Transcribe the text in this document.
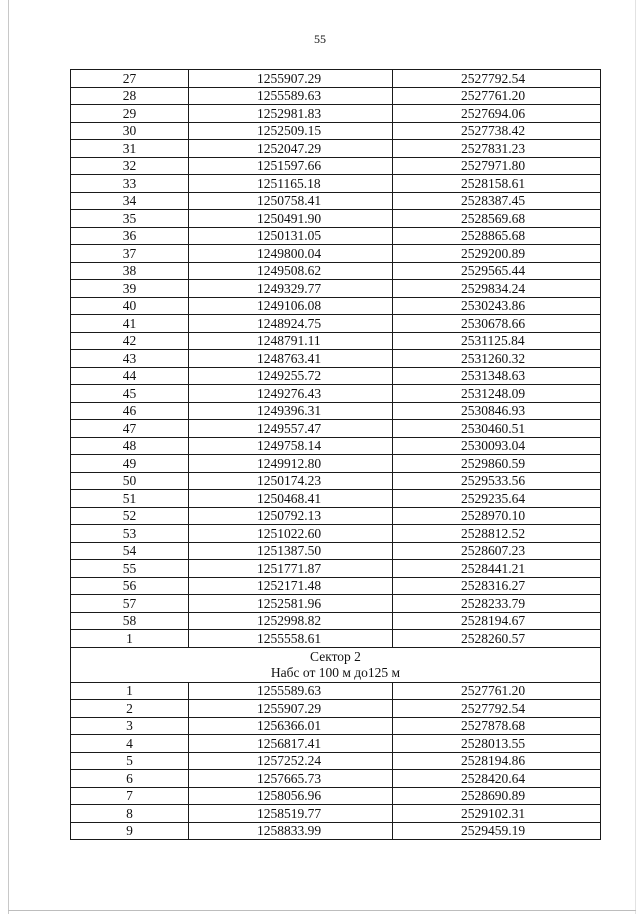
55
27	1255907.29	2527792.54
28	1255589.63	2527761.20
29	1252981.83	2527694.06
30	1252509.15	2527738.42
31	1252047.29	2527831.23
32	1251597.66	2527971.80
33	1251165.18	2528158.61
34	1250758.41	2528387.45
35	1250491.90	2528569.68
36	1250131.05	2528865.68
37	1249800.04	2529200.89
38	1249508.62	2529565.44
39	1249329.77	2529834.24
40	1249106.08	2530243.86
41	1248924.75	2530678.66
42	1248791.11	2531125.84
43	1248763.41	2531260.32
44	1249255.72	2531348.63
45	1249276.43	2531248.09
46	1249396.31	2530846.93
47	1249557.47	2530460.51
48	1249758.14	2530093.04
49	1249912.80	2529860.59
50	1250174.23	2529533.56
51	1250468.41	2529235.64
52	1250792.13	2528970.10
53	1251022.60	2528812.52
54	1251387.50	2528607.23
55	1251771.87	2528441.21
56	1252171.48	2528316.27
57	1252581.96	2528233.79
58	1252998.82	2528194.67
1	1255558.61	2528260.57

Сектор 2
Набс от 100 м до125 м		

1	1255589.63	2527761.20
2	1255907.29	2527792.54
3	1256366.01	2527878.68
4	1256817.41	2528013.55
5	1257252.24	2528194.86
6	1257665.73	2528420.64
7	1258056.96	2528690.89
8	1258519.77	2529102.31
9	1258833.99	2529459.19
